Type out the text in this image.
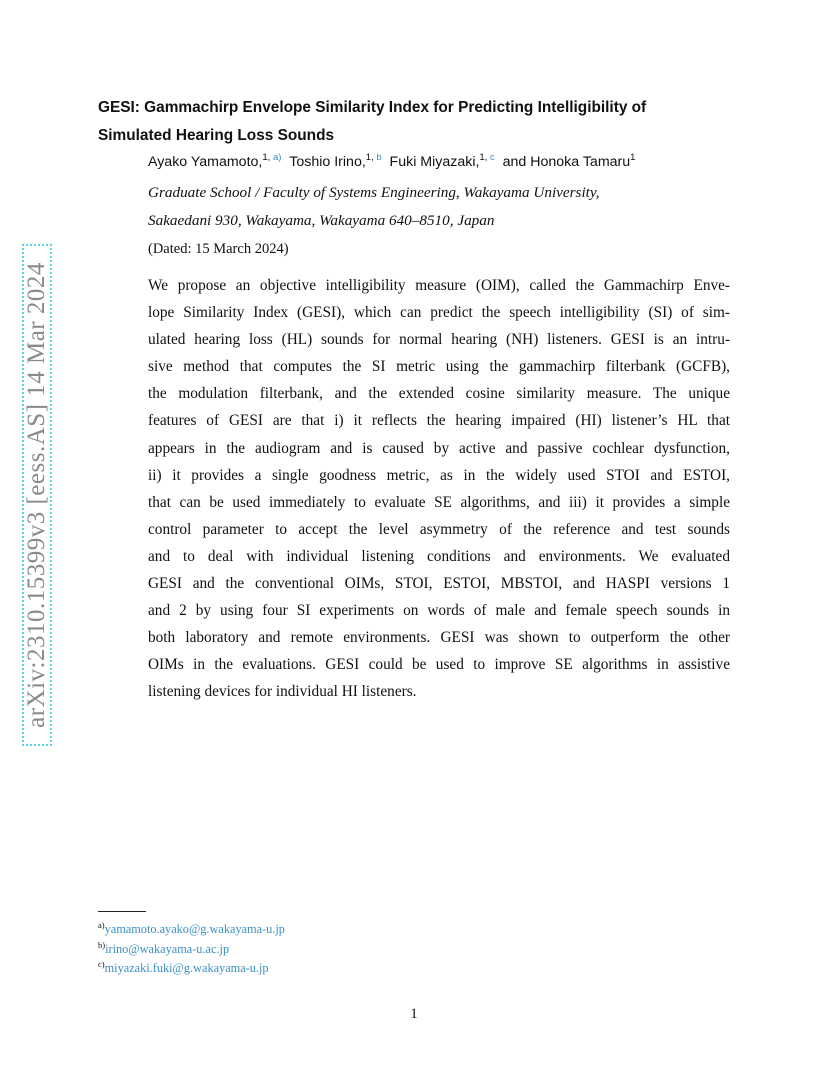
arXiv:2310.15399v3 [eess.AS] 14 Mar 2024
GESI: Gammachirp Envelope Similarity Index for Predicting Intelligibility of
Simulated Hearing Loss Sounds
Ayako Yamamoto,$^{1, a)}$ Toshio Irino,$^{1, b}$ Fuki Miyazaki,$^{1, c}$ and Honoka Tamaru$^1$
Graduate School / Faculty of Systems Engineering, Wakayama University,
Sakaedani 930, Wakayama, Wakayama 640–8510, Japan
(Dated: 15 March 2024)
We propose an objective intelligibility measure (OIM), called the Gammachirp Enve-
lope Similarity Index (GESI), which can predict the speech intelligibility (SI) of sim-
ulated hearing loss (HL) sounds for normal hearing (NH) listeners. GESI is an intru-
sive method that computes the SI metric using the gammachirp filterbank (GCFB),
the modulation filterbank, and the extended cosine similarity measure. The unique
features of GESI are that i) it reflects the hearing impaired (HI) listener’s HL that
appears in the audiogram and is caused by active and passive cochlear dysfunction,
ii) it provides a single goodness metric, as in the widely used STOI and ESTOI,
that can be used immediately to evaluate SE algorithms, and iii) it provides a simple
control parameter to accept the level asymmetry of the reference and test sounds
and to deal with individual listening conditions and environments. We evaluated
GESI and the conventional OIMs, STOI, ESTOI, MBSTOI, and HASPI versions 1
and 2 by using four SI experiments on words of male and female speech sounds in
both laboratory and remote environments. GESI was shown to outperform the other
OIMs in the evaluations. GESI could be used to improve SE algorithms in assistive
listening devices for individual HI listeners.
$^{a)}$yamamoto.ayako@g.wakayama-u.jp
$^{b)}$irino@wakayama-u.ac.jp
$^{c)}$miyazaki.fuki@g.wakayama-u.jp
1
